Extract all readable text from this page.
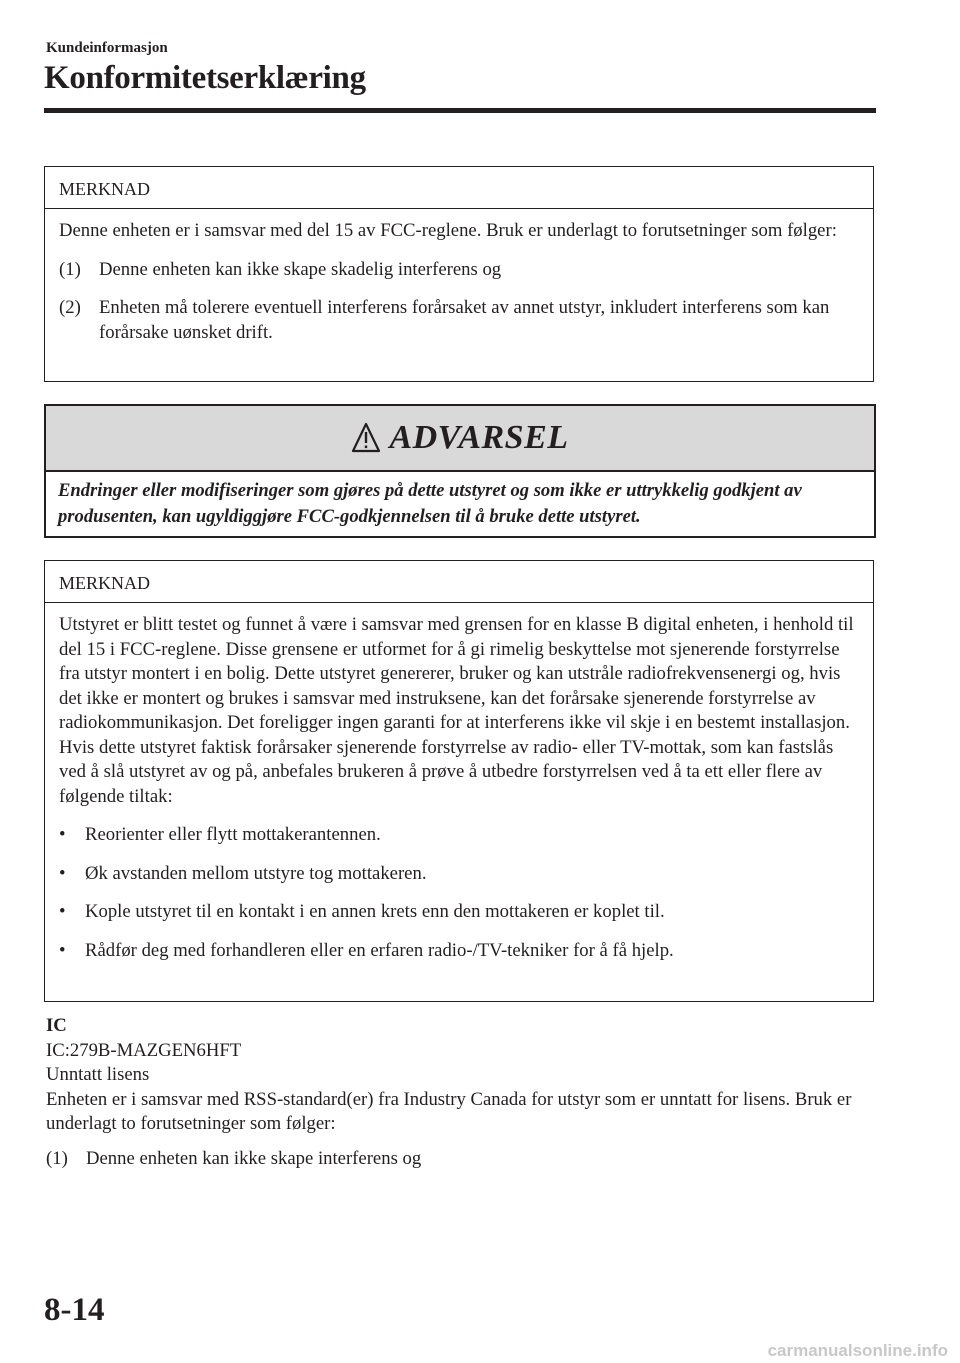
Kundeinformasjon
Konformitetserklæring
MERKNAD

Denne enheten er i samsvar med del 15 av FCC-reglene. Bruk er underlagt to forutsetninger som følger:

(1) Denne enheten kan ikke skape skadelig interferens og
(2) Enheten må tolerere eventuell interferens forårsaket av annet utstyr, inkludert interferens som kan forårsake uønsket drift.
ADVARSEL
Endringer eller modifiseringer som gjøres på dette utstyret og som ikke er uttrykkelig godkjent av produsenten, kan ugyldiggjøre FCC-godkjennelsen til å bruke dette utstyret.
MERKNAD

Utstyret er blitt testet og funnet å være i samsvar med grensen for en klasse B digital enheten, i henhold til del 15 i FCC-reglene. Disse grensene er utformet for å gi rimelig beskyttelse mot sjenerende forstyrrelse fra utstyr montert i en bolig. Dette utstyret genererer, bruker og kan utstråle radiofrekvensenergi og, hvis det ikke er montert og brukes i samsvar med instruksene, kan det forårsake sjenerende forstyrrelse av radiokommunikasjon. Det foreligger ingen garanti for at interferens ikke vil skje i en bestemt installasjon. Hvis dette utstyret faktisk forårsaker sjenerende forstyrrelse av radio- eller TV-mottak, som kan fastslås ved å slå utstyret av og på, anbefales brukeren å prøve å utbedre forstyrrelsen ved å ta ett eller flere av følgende tiltak:

•	Reorienter eller flytt mottakerantennen.
•	Øk avstanden mellom utstyre tog mottakeren.
•	Kople utstyret til en kontakt i en annen krets enn den mottakeren er koplet til.
•	Rådfør deg med forhandleren eller en erfaren radio-/TV-tekniker for å få hjelp.
IC
IC:279B-MAZGEN6HFT
Unntatt lisens
Enheten er i samsvar med RSS-standard(er) fra Industry Canada for utstyr som er unntatt for lisens. Bruk er underlagt to forutsetninger som følger:
(1) Denne enheten kan ikke skape interferens og
8-14
carmanualsonline.info
